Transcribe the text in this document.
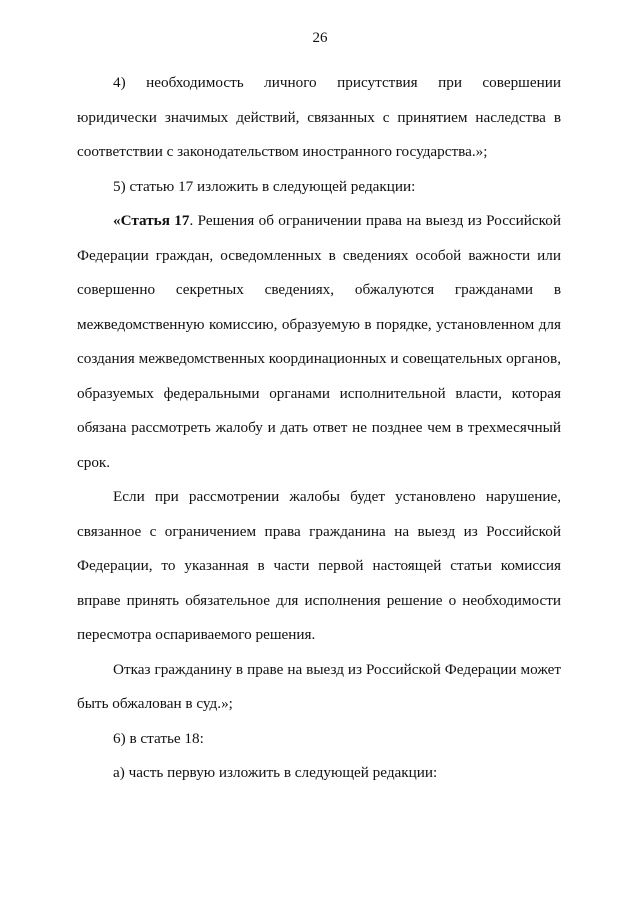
26

4) необходимость личного присутствия при совершении юридически значимых действий, связанных с принятием наследства в соответствии с законодательством иностранного государства.»;

5) статью 17 изложить в следующей редакции:

«Статья 17. Решения об ограничении права на выезд из Российской Федерации граждан, осведомленных в сведениях особой важности или совершенно секретных сведениях, обжалуются гражданами в межведомственную комиссию, образуемую в порядке, установленном для создания межведомственных координационных и совещательных органов, образуемых федеральными органами исполнительной власти, которая обязана рассмотреть жалобу и дать ответ не позднее чем в трехмесячный срок.

Если при рассмотрении жалобы будет установлено нарушение, связанное с ограничением права гражданина на выезд из Российской Федерации, то указанная в части первой настоящей статьи комиссия вправе принять обязательное для исполнения решение о необходимости пересмотра оспариваемого решения.

Отказ гражданину в праве на выезд из Российской Федерации может быть обжалован в суд.»;

6) в статье 18:

а) часть первую изложить в следующей редакции:
